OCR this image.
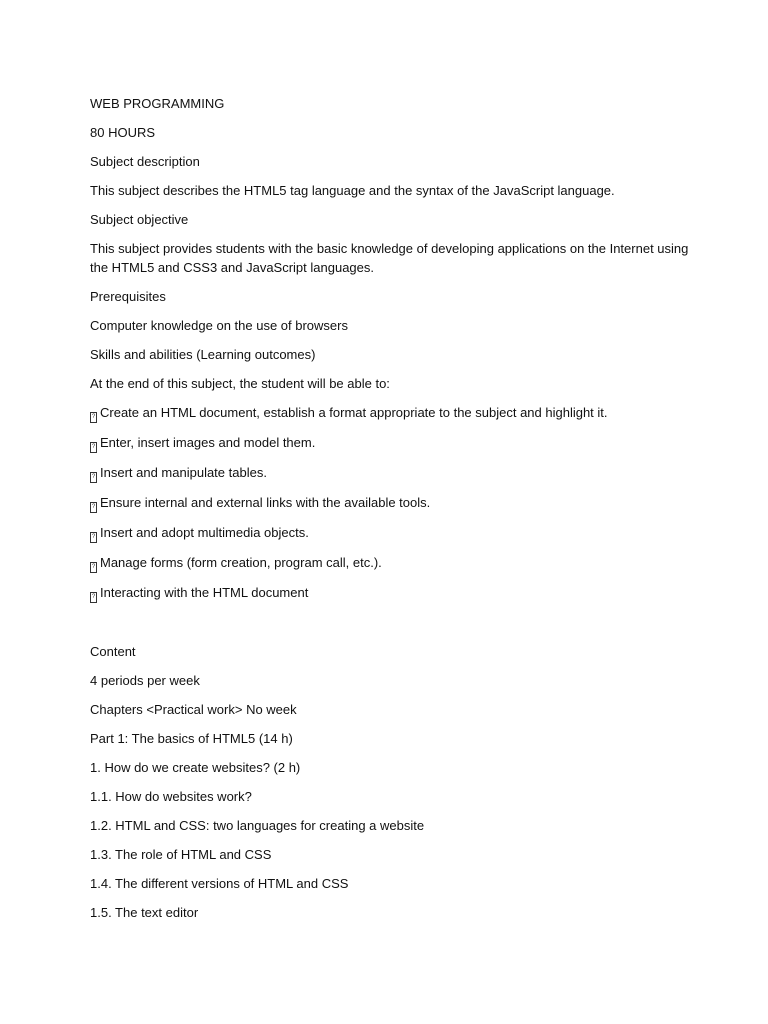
WEB PROGRAMMING

80 HOURS

Subject description

This subject describes the HTML5 tag language and the syntax of the JavaScript language.

Subject objective

This subject provides students with the basic knowledge of developing applications on the Internet using the HTML5 and CSS3 and JavaScript languages.

Prerequisites

Computer knowledge on the use of browsers

Skills and abilities (Learning outcomes)

At the end of this subject, the student will be able to:

? Create an HTML document, establish a format appropriate to the subject and highlight it.

? Enter, insert images and model them.

? Insert and manipulate tables.

? Ensure internal and external links with the available tools.

? Insert and adopt multimedia objects.

? Manage forms (form creation, program call, etc.).

? Interacting with the HTML document

Content

4 periods per week

Chapters <Practical work> No week

Part 1: The basics of HTML5 (14 h)

1. How do we create websites? (2 h)

1.1. How do websites work?

1.2. HTML and CSS: two languages for creating a website

1.3. The role of HTML and CSS

1.4. The different versions of HTML and CSS

1.5. The text editor
